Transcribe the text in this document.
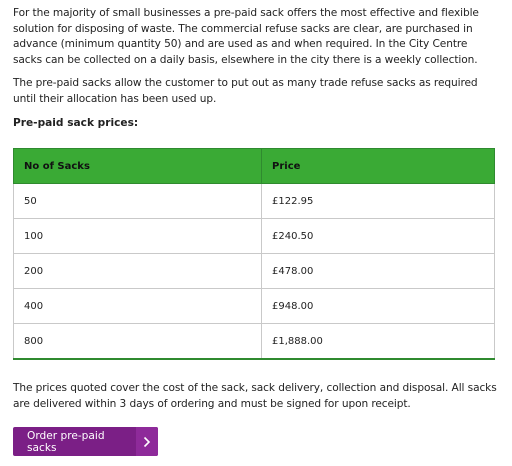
For the majority of small businesses a pre-paid sack offers the most effective and flexible solution for disposing of waste. The commercial refuse sacks are clear, are purchased in advance (minimum quantity 50) and are used as and when required. In the City Centre sacks can be collected on a daily basis, elsewhere in the city there is a weekly collection.

The pre-paid sacks allow the customer to put out as many trade refuse sacks as required until their allocation has been used up.

Pre-paid sack prices:

No of Sacks	Price
50	£122.95
100	£240.50
200	£478.00
400	£948.00
800	£1,888.00

The prices quoted cover the cost of the sack, sack delivery, collection and disposal. All sacks are delivered within 3 days of ordering and must be signed for upon receipt.

Order pre-paid sacks
